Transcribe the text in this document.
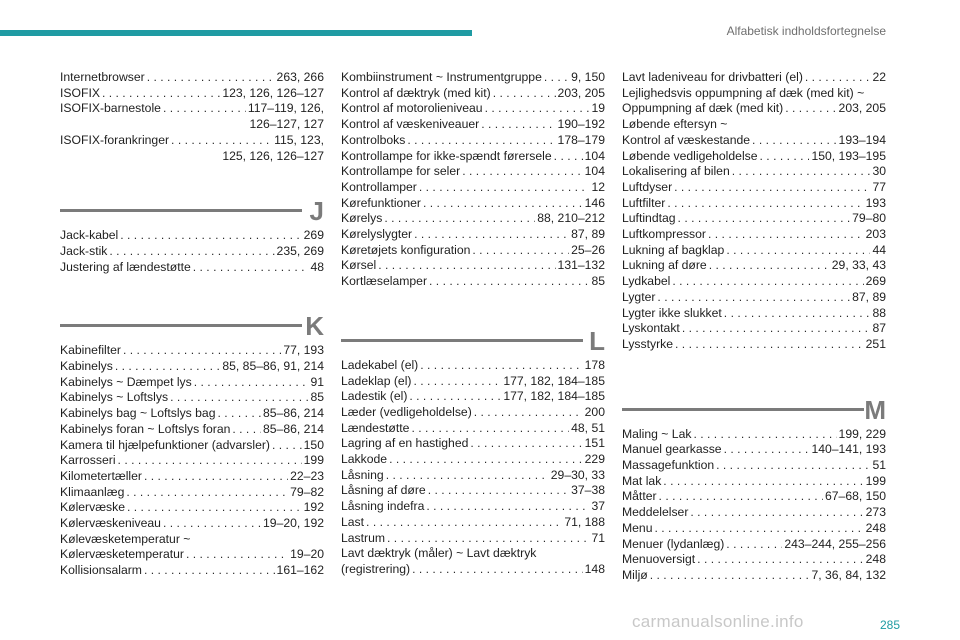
Alfabetisk indholdsfortegnelse
Internetbrowser . . .	263, 266
ISOFIX . . .	123, 126, 126–127
ISOFIX-barnestole . . .	117–119, 126,
126–127, 127
ISOFIX-forankringer . . .	115, 123,
125, 126, 126–127
J
Jack-kabel . . .	269
Jack-stik . . .	235, 269
Justering af lændestøtte . . .	48
K
Kabinefilter . . .	77, 193
Kabinelys . . .	85, 85–86, 91, 214
Kabinelys ~ Dæmpet lys . . .	91
Kabinelys ~ Loftslys . . .	85
Kabinelys bag ~ Loftslys bag . . .	85–86, 214
Kabinelys foran ~ Loftslys foran . . .	85–86, 214
Kamera til hjælpefunktioner (advarsler) . . .	150
Karrosseri . . .	199
Kilometertæller . . .	22–23
Klimaanlæg . . .	79–82
Kølervæske . . .	192
Kølervæskeniveau . . .	19–20, 192
Kølevæsketemperatur ~
Kølervæsketemperatur . . .	19–20
Kollisionsalarm . . .	161–162
Kombiinstrument ~ Instrumentgruppe . . . 9, 150
Kontrol af dæktryk (med kit) . . .	203, 205
Kontrol af motorolieniveau . . .	19
Kontrol af væskeniveauer . . .	190–192
Kontrolboks . . .	178–179
Kontrollampe for ikke-spændt førersele . . .	104
Kontrollampe for seler . . .	104
Kontrollamper . . .	12
Kørefunktioner . . .	146
Kørelys . . .	88, 210–212
Kørelyslygter . . .	87, 89
Køretøjets konfiguration . . .	25–26
Kørsel . . .	131–132
Kortlæselamper . . .	85
L
Ladekabel (el) . . .	178
Ladeklap (el) . . .	177, 182, 184–185
Ladestik (el) . . .	177, 182, 184–185
Læder (vedligeholdelse) . . .	200
Lændestøtte . . .	48, 51
Lagring af en hastighed . . .	151
Lakkode . . .	229
Låsning . . .	29–30, 33
Låsning af døre . . .	37–38
Låsning indefra . . .	37
Last . . .	71, 188
Lastrum . . .	71
Lavt dæktryk (måler) ~ Lavt dæktryk
(registrering) . . .	148
Lavt ladeniveau for drivbatteri (el) . . .	22
Lejlighedsvis oppumpning af dæk (med kit) ~
Oppumpning af dæk (med kit) . . .	203, 205
Løbende eftersyn ~
Kontrol af væskestande . . .	193–194
Løbende vedligeholdelse . . .	150, 193–195
Lokalisering af bilen . . .	30
Luftdyser . . .	77
Luftfilter . . .	193
Luftindtag . . .	79–80
Luftkompressor . . .	203
Lukning af bagklap . . .	44
Lukning af døre . . .	29, 33, 43
Lydkabel . . .	269
Lygter . . .	87, 89
Lygter ikke slukket . . .	88
Lyskontakt . . .	87
Lysstyrke . . .	251
M
Maling ~ Lak . . .	199, 229
Manuel gearkasse . . .	140–141, 193
Massagefunktion . . .	51
Mat lak . . .	199
Måtter . . .	67–68, 150
Meddelelser . . .	273
Menu . . .	248
Menuer (lydanlæg) . . .	243–244, 255–256
Menuoversigt . . .	248
Miljø . . .	7, 36, 84, 132
carmanualsonline.info	285
